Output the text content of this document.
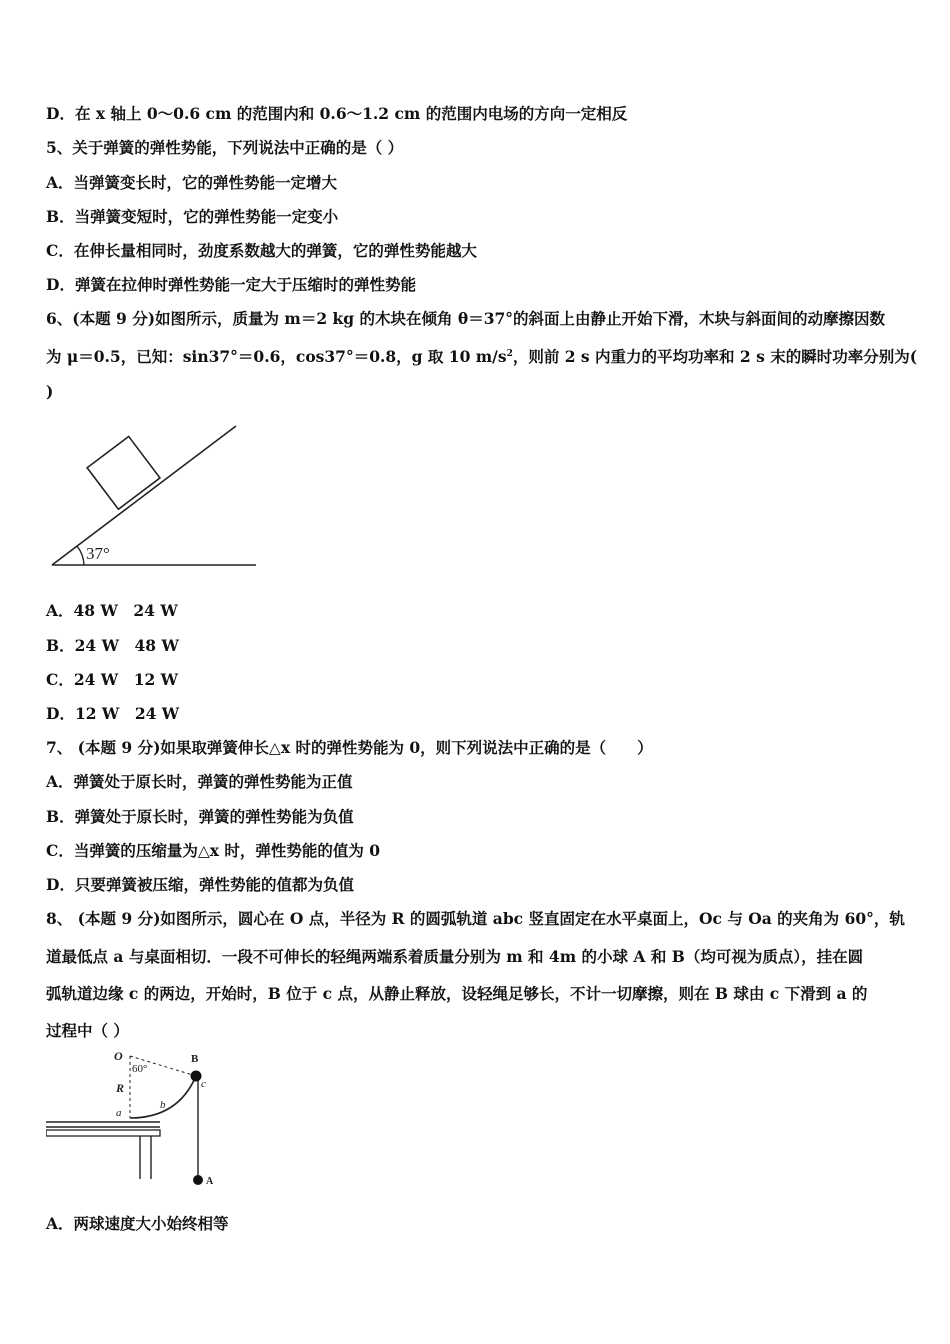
D．在 x 轴上 0～0.6 cm 的范围内和 0.6～1.2 cm 的范围内电场的方向一定相反
5、关于弹簧的弹性势能，下列说法中正确的是（ ）
A．当弹簧变长时，它的弹性势能一定增大
B．当弹簧变短时，它的弹性势能一定变小
C．在伸长量相同时，劲度系数越大的弹簧，它的弹性势能越大
D．弹簧在拉伸时弹性势能一定大于压缩时的弹性势能
6、(本题 9 分)如图所示，质量为 m＝2 kg 的木块在倾角 θ＝37°的斜面上由静止开始下滑，木块与斜面间的动摩擦因数
为 μ＝0.5，已知：sin37°＝0.6，cos37°＝0.8，g 取 10 $m/s^2$，则前 2 s 内重力的平均功率和 2 s 末的瞬时功率分别为(
)
37°
A．48 W　24 W
B．24 W　48 W
C．24 W　12 W
D．12 W　24 W
7、 (本题 9 分)如果取弹簧伸长△x 时的弹性势能为 0，则下列说法中正确的是（　　）
A．弹簧处于原长时，弹簧的弹性势能为正值
B．弹簧处于原长时，弹簧的弹性势能为负值
C．当弹簧的压缩量为△x 时，弹性势能的值为 0
D．只要弹簧被压缩，弹性势能的值都为负值
8、 (本题 9 分)如图所示，圆心在 O 点，半径为 R 的圆弧轨道 abc 竖直固定在水平桌面上，Oc 与 Oa 的夹角为 60°，轨
道最低点 a 与桌面相切．一段不可伸长的轻绳两端系着质量分别为 m 和 4m 的小球 A 和 B（均可视为质点），挂在圆
弧轨道边缘 c 的两边，开始时，B 位于 c 点，从静止释放，设轻绳足够长，不计一切摩擦，则在 B 球由 c 下滑到 a 的
过程中（ ）
O
60°
R
a
b
B
c
A
A．两球速度大小始终相等
